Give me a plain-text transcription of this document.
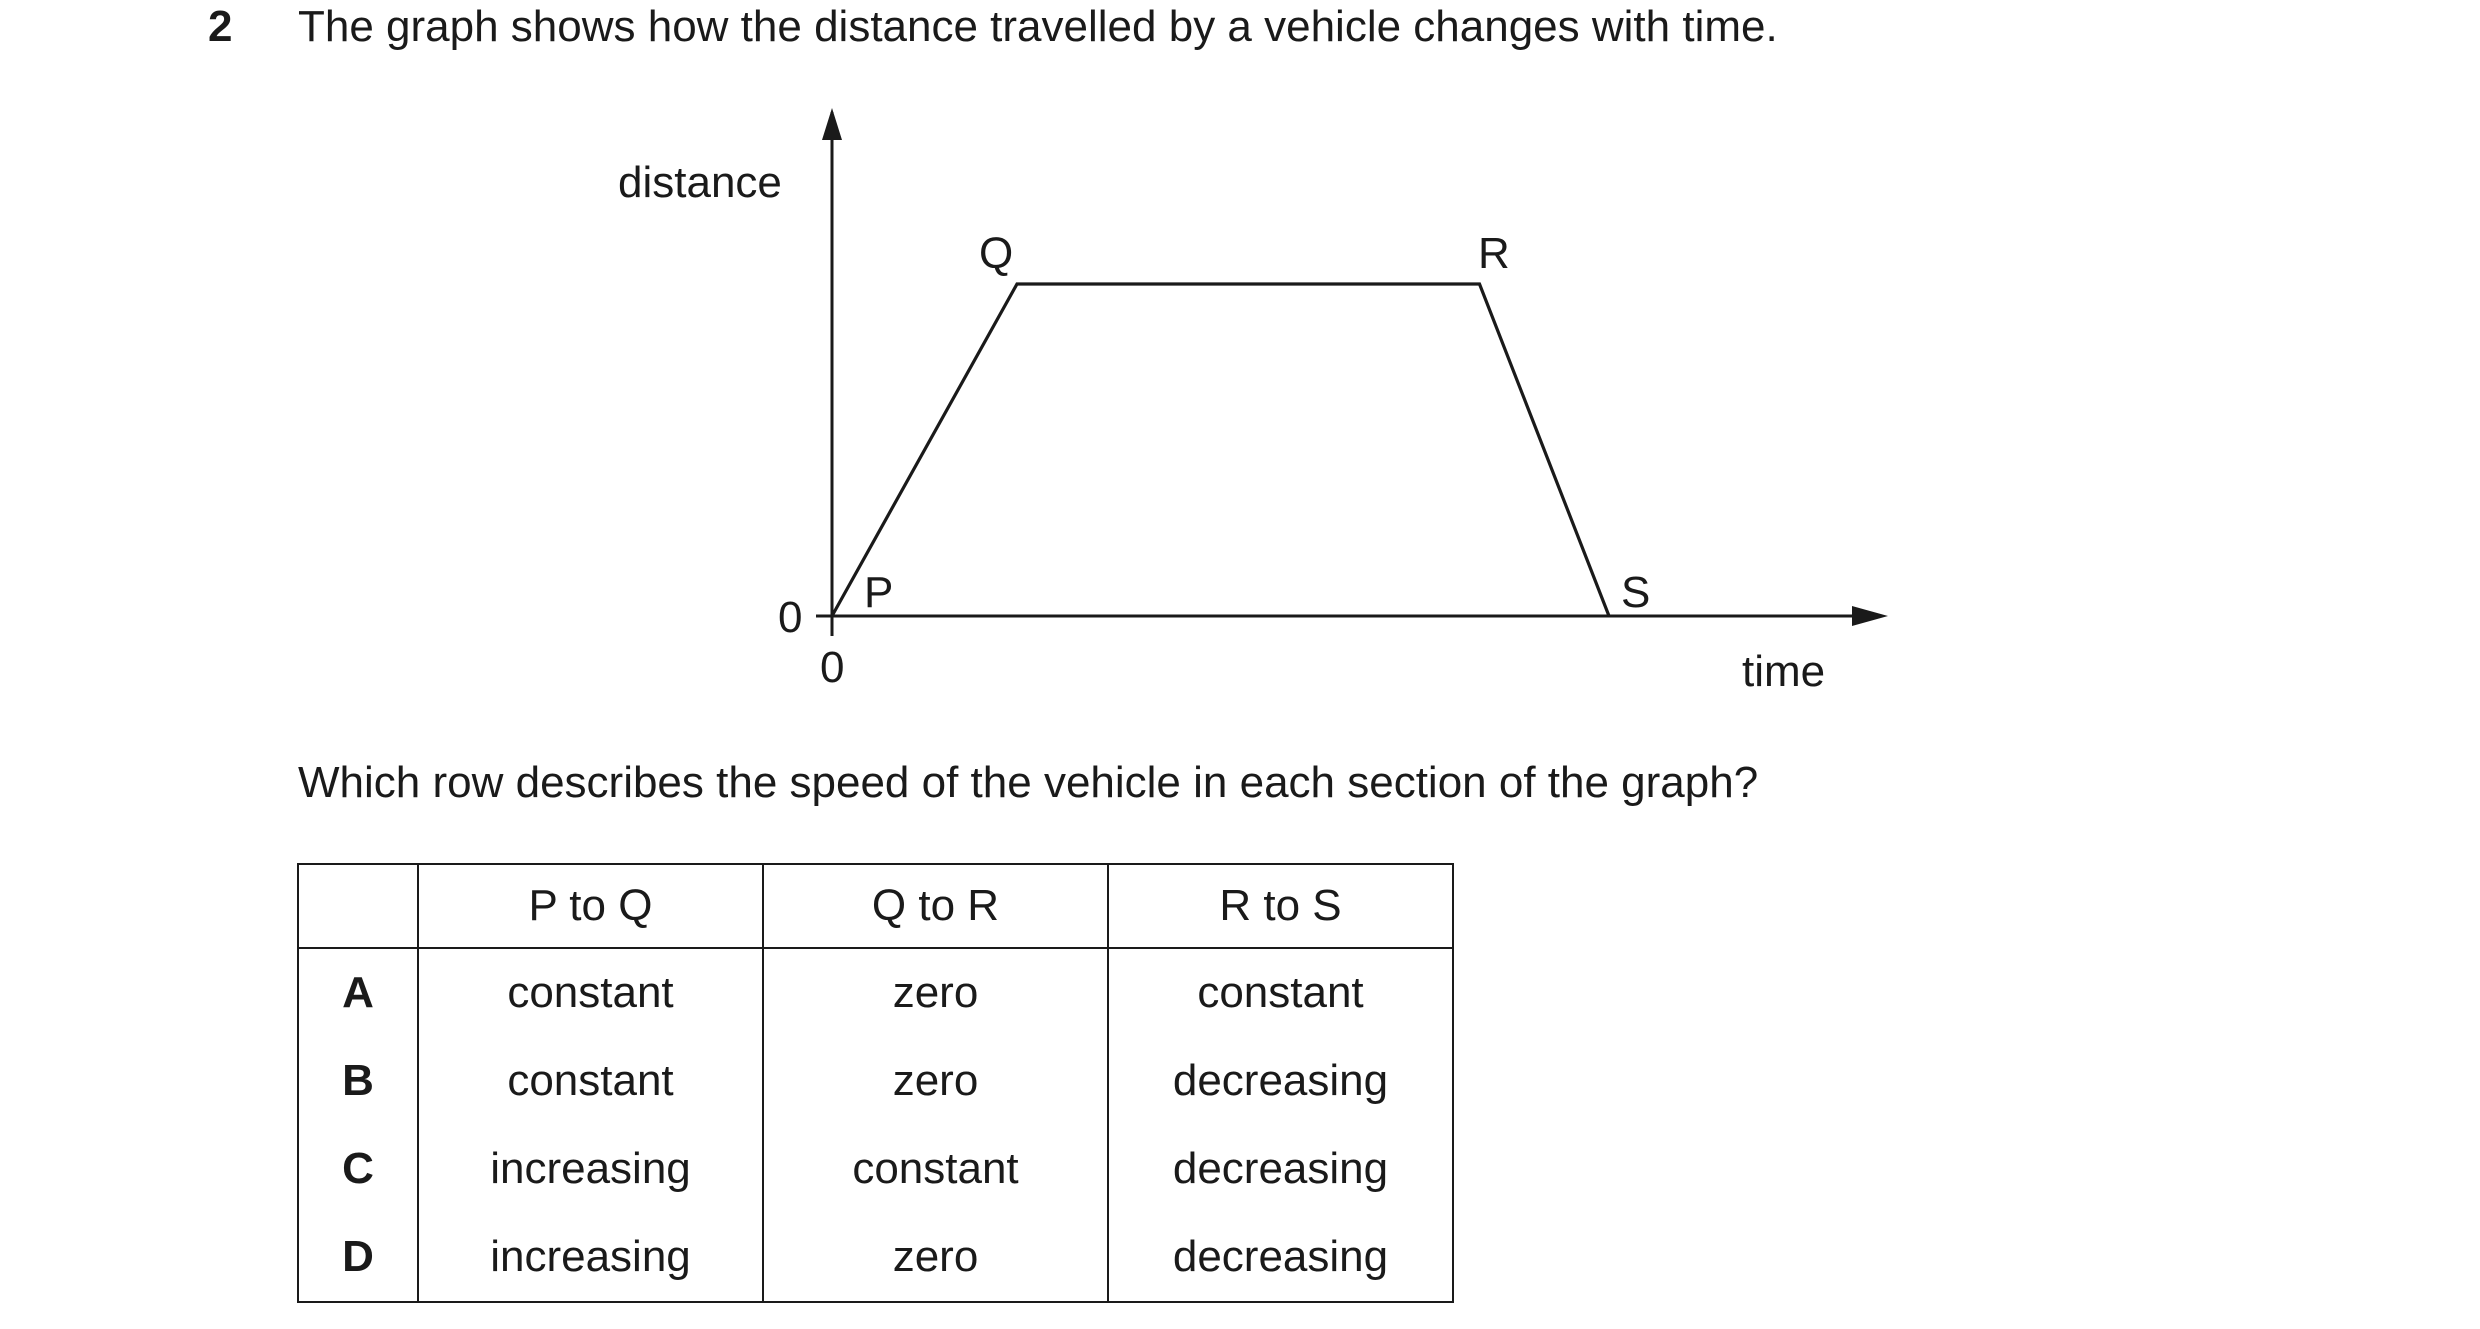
2 The graph shows how the distance travelled by a vehicle changes with time.
distance
time
0
0
P
Q	R
S
Which row describes the speed of the vehicle in each section of the graph?
	P to Q	Q to R	R to S
A	constant	zero	constant
B	constant	zero	decreasing
C	increasing	constant	decreasing
D	increasing	zero	decreasing
